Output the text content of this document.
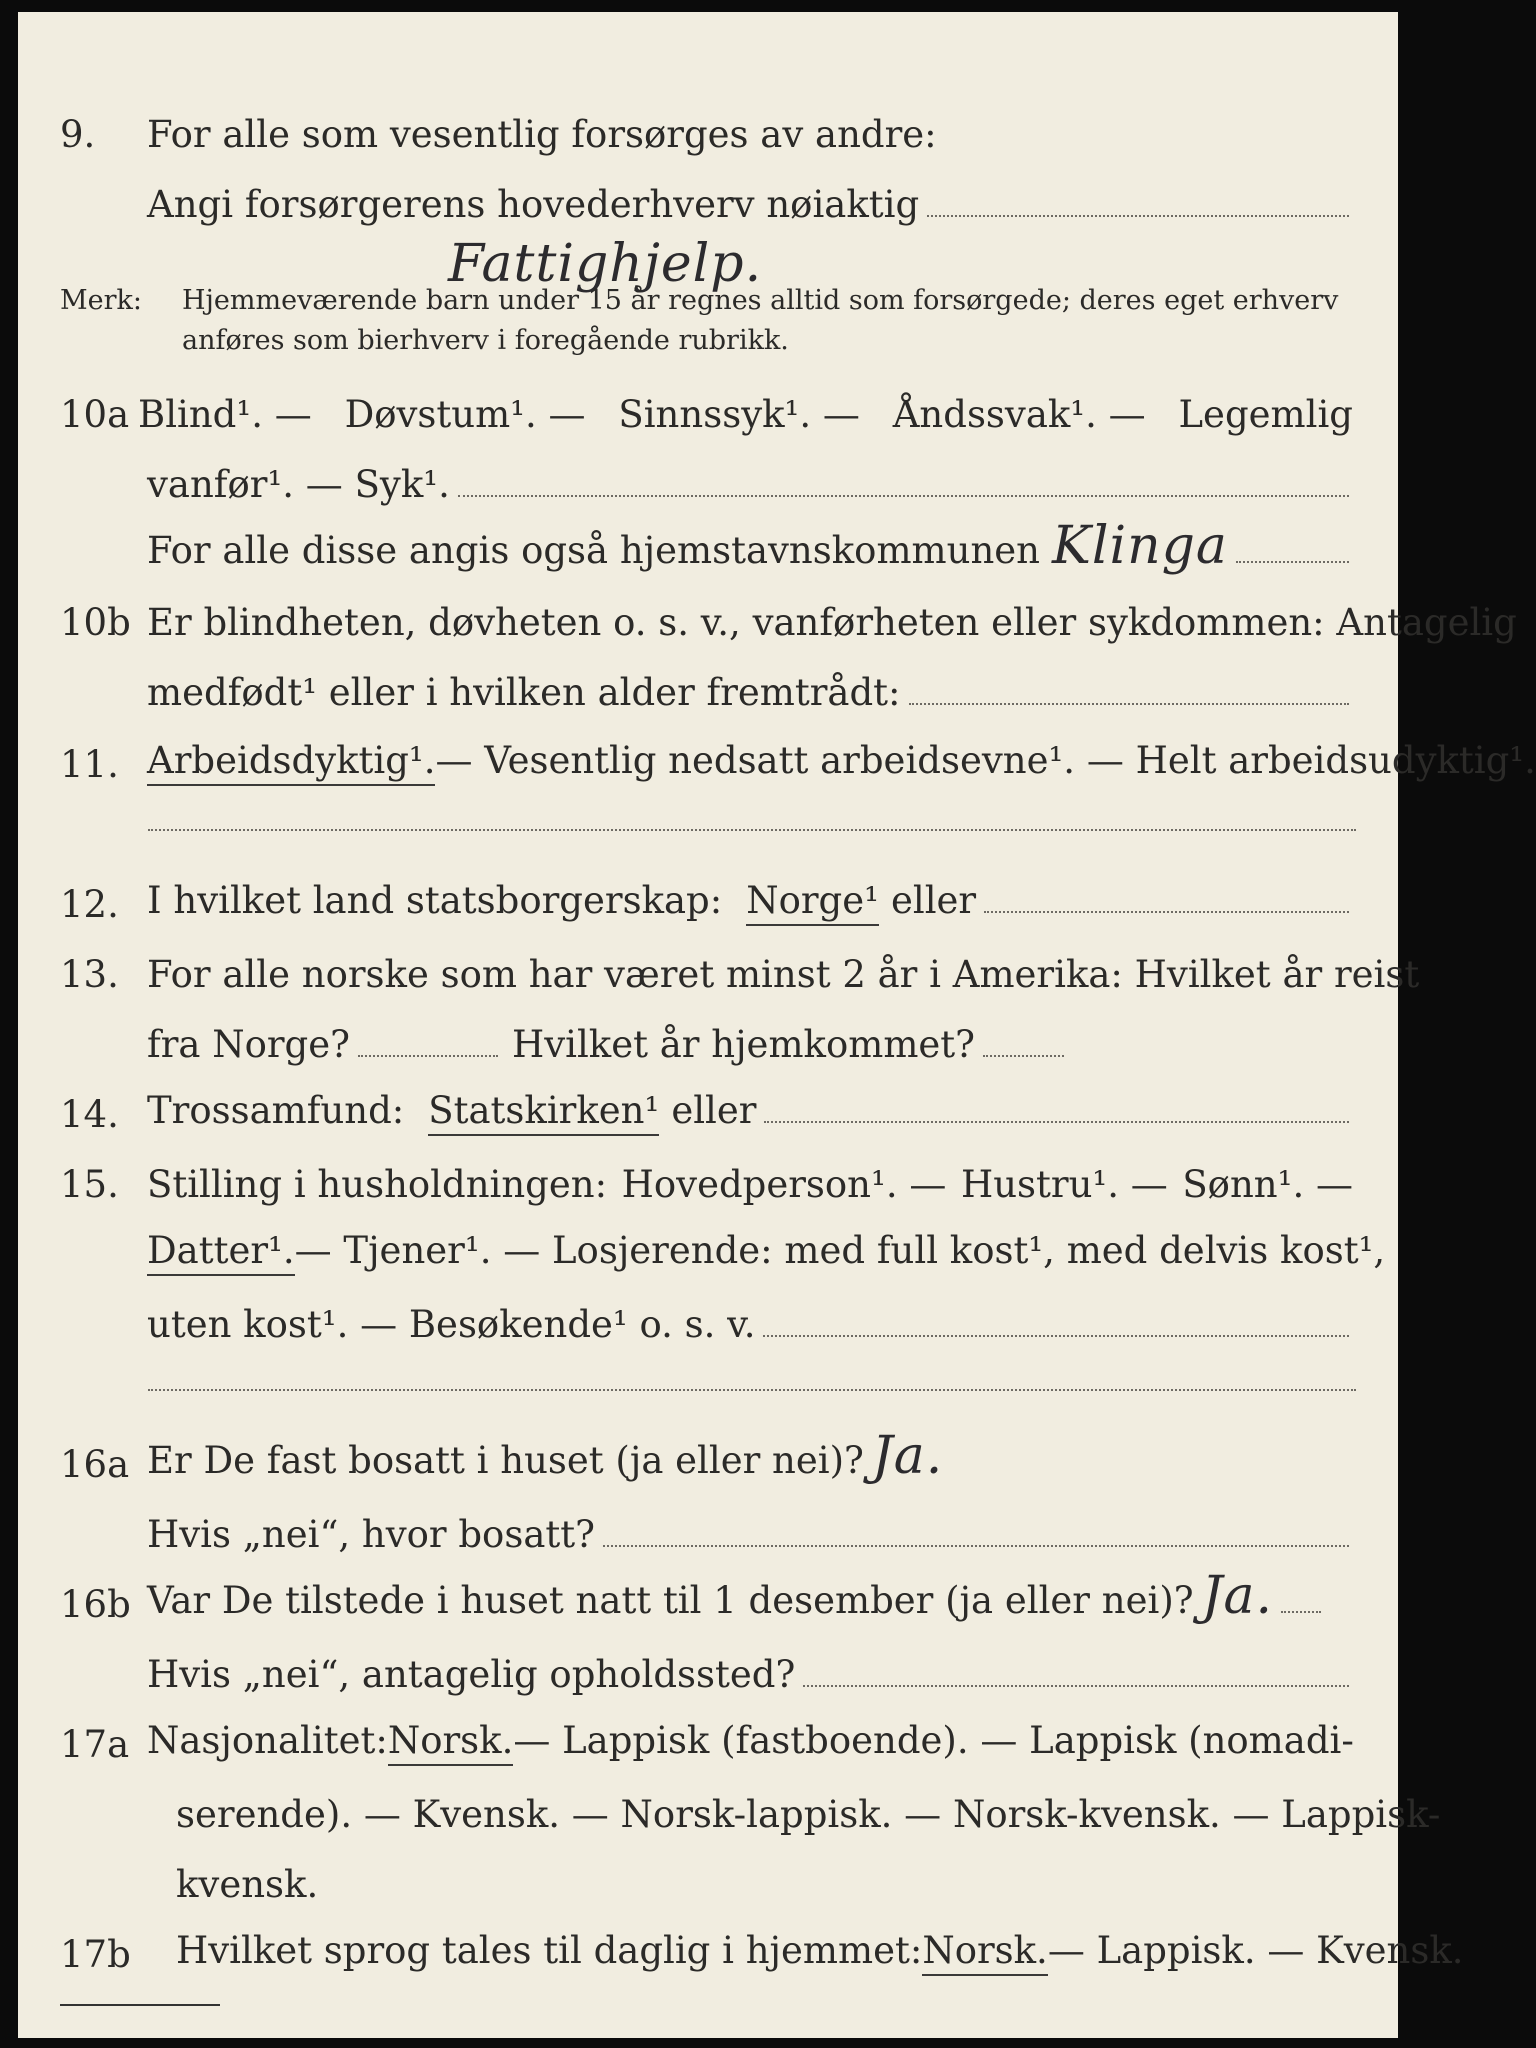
9. For alle som vesentlig forsørges av andre:
Angi forsørgerens hovederhverv nøiaktig
Fattighjelp.
Merk: Hjemmeværende barn under 15 år regnes alltid som forsørgede; deres eget erhverv
anføres som bierhverv i foregående rubrikk.
10a Blind¹. — Døvstum¹. — Sinnssyk¹. — Åndssvak¹. — Legemlig
vanfør¹. — Syk¹.
For alle disse angis også hjemstavnskommunen Klinga
10b Er blindheten, døvheten o. s. v., vanførheten eller sykdommen: Antagelig
medfødt¹ eller i hvilken alder fremtrådt:
11. Arbeidsdyktig¹. — Vesentlig nedsatt arbeidsevne¹. — Helt arbeidsudyktig¹.
12. I hvilket land statsborgerskap: Norge¹ eller
13. For alle norske som har været minst 2 år i Amerika: Hvilket år reist
fra Norge?	Hvilket år hjemkommet?
14. Trossamfund: Statskirken¹ eller
15. Stilling i husholdningen: Hovedperson¹. — Hustru¹. — Sønn¹. —
Datter¹. — Tjener¹. — Losjerende: med full kost¹, med delvis kost¹,
uten kost¹. — Besøkende¹ o. s. v.
16a Er De fast bosatt i huset (ja eller nei)? Ja.
Hvis „nei“, hvor bosatt?
16b Var De tilstede i huset natt til 1 desember (ja eller nei)? Ja.
Hvis „nei“, antagelig opholdssted?
17a Nasjonalitet: Norsk. — Lappisk (fastboende). — Lappisk (nomadi-
serende). — Kvensk. — Norsk-lappisk. — Norsk-kvensk. — Lappisk-
kvensk.
17b Hvilket sprog tales til daglig i hjemmet: Norsk. — Lappisk. — Kvensk.
